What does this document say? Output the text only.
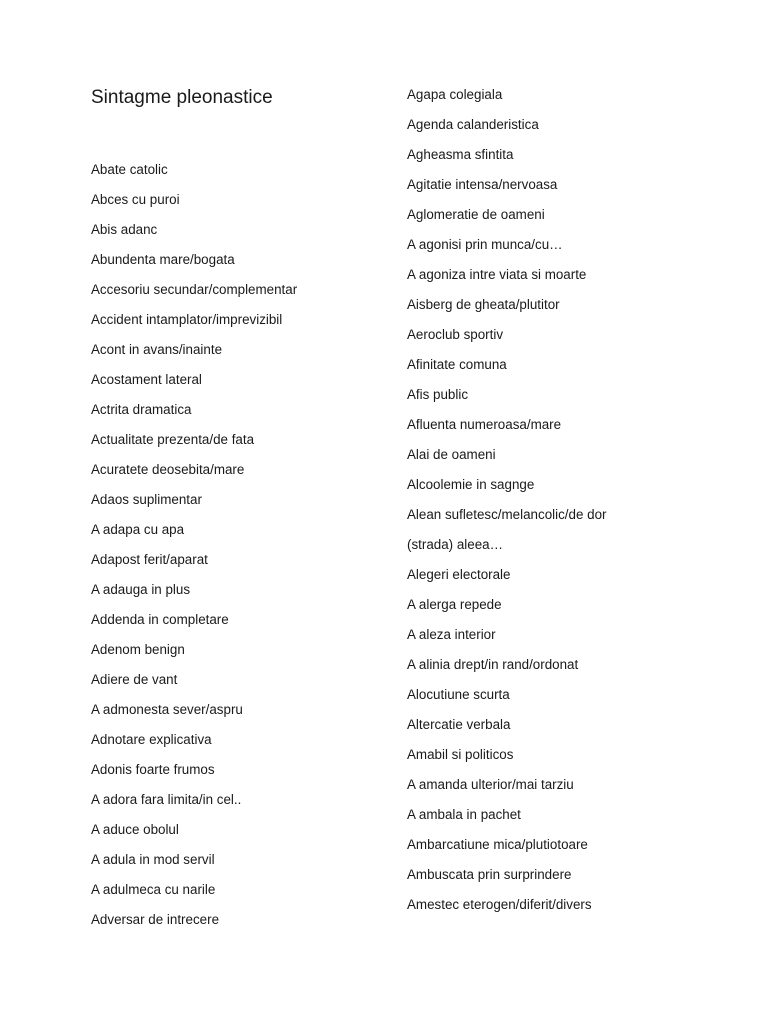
Sintagme pleonastice
Abate catolic
Abces cu puroi
Abis adanc
Abundenta mare/bogata
Accesoriu secundar/complementar
Accident intamplator/imprevizibil
Acont in avans/inainte
Acostament lateral
Actrita dramatica
Actualitate prezenta/de fata
Acuratete deosebita/mare
Adaos suplimentar
A adapa cu apa
Adapost ferit/aparat
A adauga in plus
Addenda in completare
Adenom benign
Adiere de vant
A admonesta sever/aspru
Adnotare explicativa
Adonis foarte frumos
A adora fara limita/in cel..
A aduce obolul
A adula in mod servil
A adulmeca cu narile
Adversar de intrecere
Agapa colegiala
Agenda calanderistica
Agheasma sfintita
Agitatie intensa/nervoasa
Aglomeratie de oameni
A agonisi prin munca/cu…
A agoniza intre viata si moarte
Aisberg de gheata/plutitor
Aeroclub sportiv
Afinitate comuna
Afis public
Afluenta numeroasa/mare
Alai de oameni
Alcoolemie in sagnge
Alean sufletesc/melancolic/de dor
(strada) aleea…
Alegeri electorale
A alerga repede
A aleza interior
A alinia drept/in rand/ordonat
Alocutiune scurta
Altercatie verbala
Amabil si politicos
A amanda ulterior/mai tarziu
A ambala in pachet
Ambarcatiune mica/plutiotoare
Ambuscata prin surprindere
Amestec eterogen/diferit/divers
